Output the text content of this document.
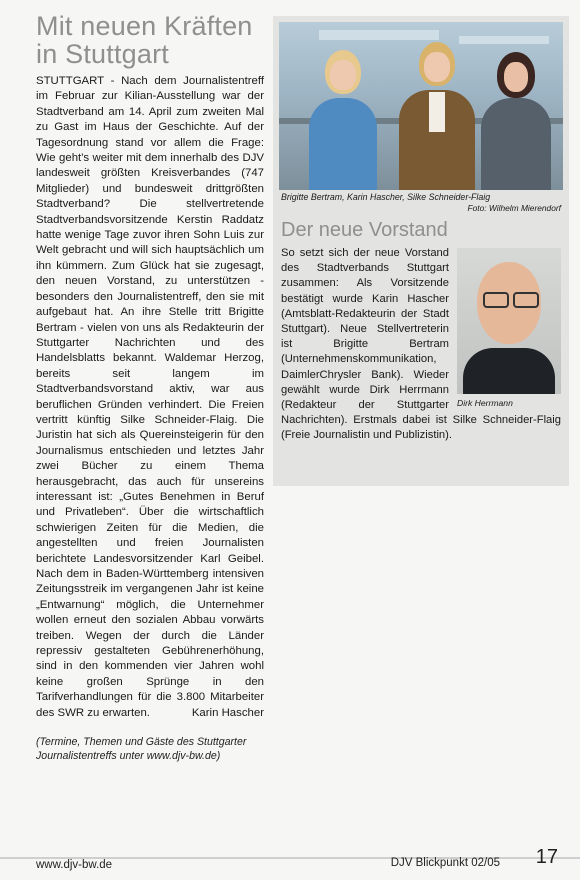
Mit neuen Kräften in Stuttgart

STUTTGART - Nach dem Journalistentreff im Februar zur Kilian-Ausstellung war der Stadtverband am 14. April zum zweiten Mal zu Gast im Haus der Geschichte. Auf der Tagesordnung stand vor allem die Frage: Wie geht's weiter mit dem innerhalb des DJV landesweit größten Kreisverbandes (747 Mitglieder) und bundesweit drittgrößten Stadtverband? Die stellvertretende Stadtverbandsvorsitzende Kerstin Raddatz hatte wenige Tage zuvor ihren Sohn Luis zur Welt gebracht und will sich hauptsächlich um ihn kümmern. Zum Glück hat sie zugesagt, den neuen Vorstand, zu unterstützen - besonders den Journalistentreff, den sie mit aufgebaut hat. An ihre Stelle tritt Brigitte Bertram - vielen von uns als Redakteurin der Stuttgarter Nachrichten und des Handelsblatts bekannt. Waldemar Herzog, bereits seit langem im Stadtverbandsvorstand aktiv, war aus beruflichen Gründen verhindert. Die Freien vertritt künftig Silke Schneider-Flaig. Die Juristin hat sich als Quereinsteigerin für den Journalismus entschieden und letztes Jahr zwei Bücher zu einem Thema herausgebracht, das auch für unsereins interessant ist: „Gutes Benehmen in Beruf und Privatleben“. Über die wirtschaftlich schwierigen Zeiten für die Medien, die angestellten und freien Journalisten berichtete Landesvorsitzender Karl Geibel. Nach dem in Baden-Württemberg intensiven Zeitungsstreik im vergangenen Jahr ist keine „Entwarnung“ möglich, die Unternehmer wollen erneut den sozialen Abbau vorwärts treiben. Wegen der durch die Länder repressiv gestalteten Gebührenerhöhung, sind in den kommenden vier Jahren wohl keine großen Sprünge in den Tarifverhandlungen für die 3.800 Mitarbeiter des SWR zu erwarten.	Karin Hascher

(Termine, Themen und Gäste des Stuttgarter Journalistentreffs unter www.djv-bw.de)
Brigitte Bertram, Karin Hascher, Silke Schneider-Flaig
Foto: Wilhelm Mierendorf
Der neue Vorstand
Dirk Herrmann
So setzt sich der neue Vorstand des Stadtverbands Stuttgart zusammen: Als Vorsitzende bestätigt wurde Karin Hascher (Amtsblatt-Redakteurin der Stadt Stuttgart). Neue Stellvertreterin ist Brigitte Bertram (Unternehmenskommunikation, DaimlerChrysler Bank). Wieder gewählt wurde Dirk Herrmann (Redakteur der Stuttgarter Nachrichten). Erstmals dabei ist Silke Schneider-Flaig (Freie Journalistin und Publizistin).
www.djv-bw.de	DJV Blickpunkt 02/05 17
